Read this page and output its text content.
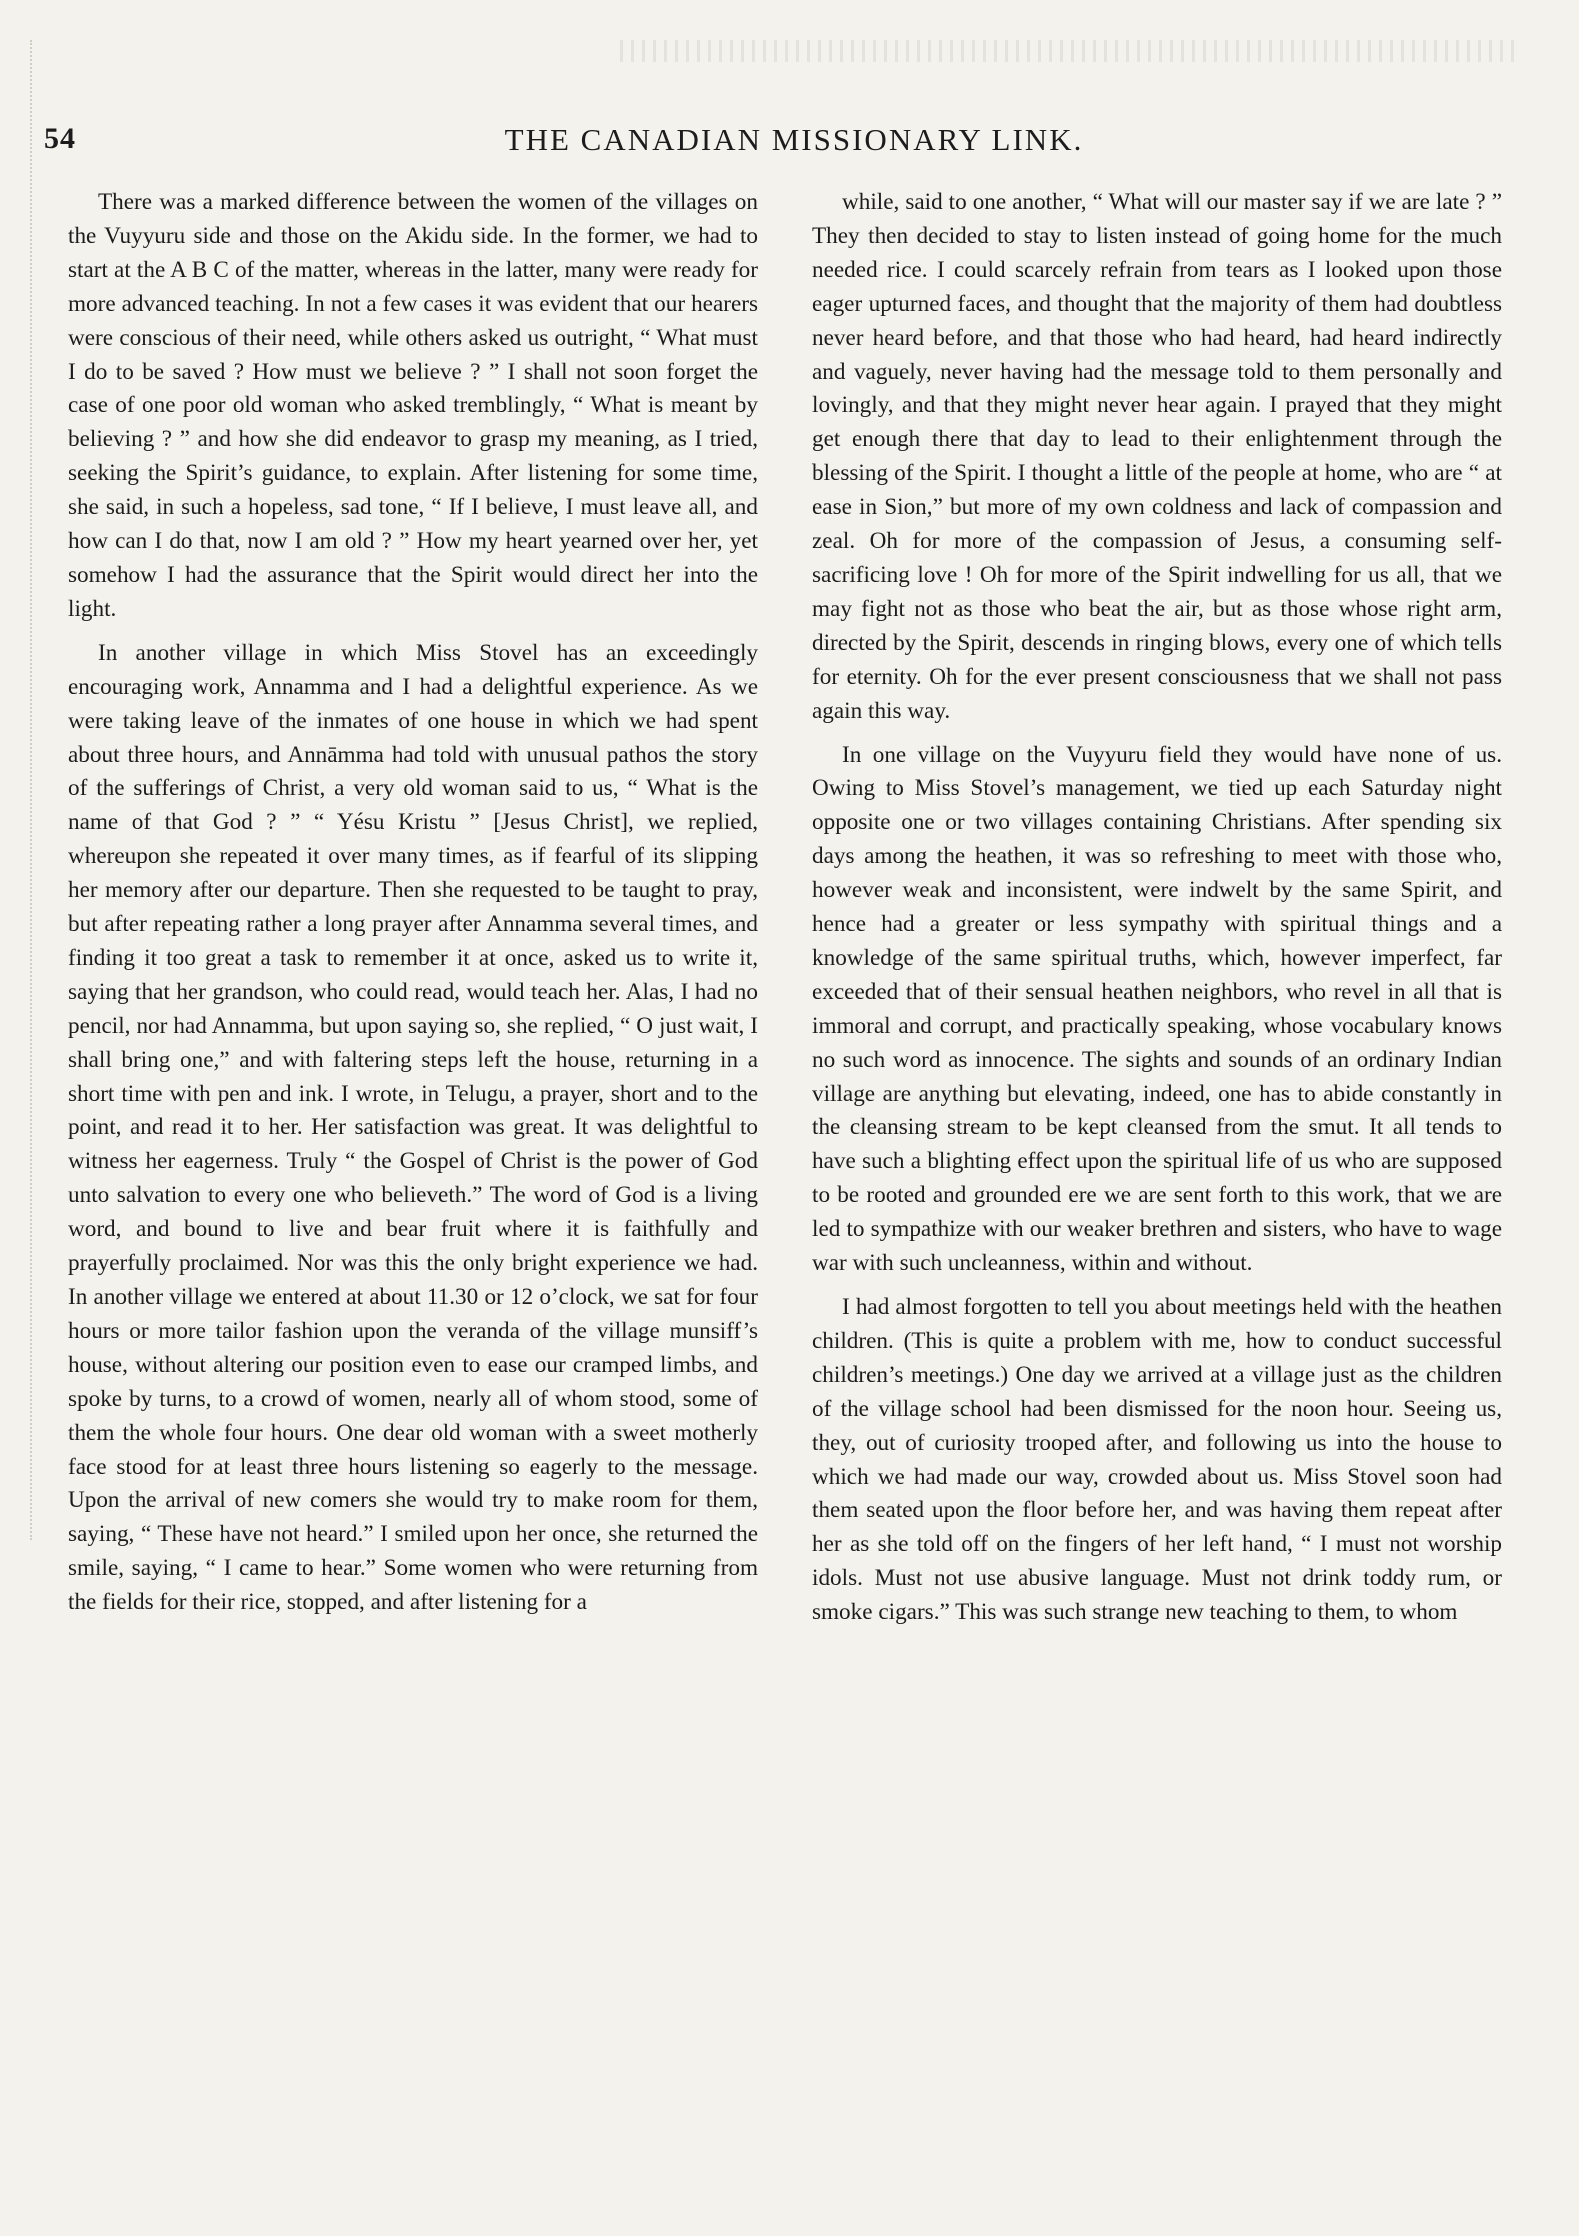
54	THE CANADIAN MISSIONARY LINK.

There was a marked difference between the women of the villages on the Vuyyuru side and those on the Akidu side. In the former, we had to start at the A B C of the matter, whereas in the latter, many were ready for more advanced teaching. In not a few cases it was evident that our hearers were conscious of their need, while others asked us outright, “ What must I do to be saved ? How must we believe ? ” I shall not soon forget the case of one poor old woman who asked tremblingly, “ What is meant by believing ? ” and how she did endeavor to grasp my meaning, as I tried, seeking the Spirit’s guidance, to explain. After listening for some time, she said, in such a hopeless, sad tone, “ If I believe, I must leave all, and how can I do that, now I am old ? ” How my heart yearned over her, yet somehow I had the assurance that the Spirit would direct her into the light.

In another village in which Miss Stovel has an exceedingly encouraging work, Annamma and I had a delightful experience. As we were taking leave of the inmates of one house in which we had spent about three hours, and Annāmma had told with unusual pathos the story of the sufferings of Christ, a very old woman said to us, “ What is the name of that God ? ” “ Yésu Kristu ” [Jesus Christ], we replied, whereupon she repeated it over many times, as if fearful of its slipping her memory after our departure. Then she requested to be taught to pray, but after repeating rather a long prayer after Annamma several times, and finding it too great a task to remember it at once, asked us to write it, saying that her grandson, who could read, would teach her. Alas, I had no pencil, nor had Annamma, but upon saying so, she replied, “ O just wait, I shall bring one,” and with faltering steps left the house, returning in a short time with pen and ink. I wrote, in Telugu, a prayer, short and to the point, and read it to her. Her satisfaction was great. It was delightful to witness her eagerness. Truly “ the Gospel of Christ is the power of God unto salvation to every one who believeth.” The word of God is a living word, and bound to live and bear fruit where it is faithfully and prayerfully proclaimed. Nor was this the only bright experience we had. In another village we entered at about 11.30 or 12 o’clock, we sat for four hours or more tailor fashion upon the veranda of the village munsiff’s house, without altering our position even to ease our cramped limbs, and spoke by turns, to a crowd of women, nearly all of whom stood, some of them the whole four hours. One dear old woman with a sweet motherly face stood for at least three hours listening so eagerly to the message. Upon the arrival of new comers she would try to make room for them, saying, “ These have not heard.” I smiled upon her once, she returned the smile, saying, “ I came to hear.” Some women who were returning from the fields for their rice, stopped, and after listening for a

while, said to one another, “ What will our master say if we are late ? ” They then decided to stay to listen instead of going home for the much needed rice. I could scarcely refrain from tears as I looked upon those eager upturned faces, and thought that the majority of them had doubtless never heard before, and that those who had heard, had heard indirectly and vaguely, never having had the message told to them personally and lovingly, and that they might never hear again. I prayed that they might get enough there that day to lead to their enlightenment through the blessing of the Spirit. I thought a little of the people at home, who are “ at ease in Sion,” but more of my own coldness and lack of compassion and zeal. Oh for more of the compassion of Jesus, a consuming self-sacrificing love ! Oh for more of the Spirit indwelling for us all, that we may fight not as those who beat the air, but as those whose right arm, directed by the Spirit, descends in ringing blows, every one of which tells for eternity. Oh for the ever present consciousness that we shall not pass again this way.

In one village on the Vuyyuru field they would have none of us. Owing to Miss Stovel’s management, we tied up each Saturday night opposite one or two villages containing Christians. After spending six days among the heathen, it was so refreshing to meet with those who, however weak and inconsistent, were indwelt by the same Spirit, and hence had a greater or less sympathy with spiritual things and a knowledge of the same spiritual truths, which, however imperfect, far exceeded that of their sensual heathen neighbors, who revel in all that is immoral and corrupt, and practically speaking, whose vocabulary knows no such word as innocence. The sights and sounds of an ordinary Indian village are anything but elevating, indeed, one has to abide constantly in the cleansing stream to be kept cleansed from the smut. It all tends to have such a blighting effect upon the spiritual life of us who are supposed to be rooted and grounded ere we are sent forth to this work, that we are led to sympathize with our weaker brethren and sisters, who have to wage war with such uncleanness, within and without.

I had almost forgotten to tell you about meetings held with the heathen children. (This is quite a problem with me, how to conduct successful children’s meetings.) One day we arrived at a village just as the children of the village school had been dismissed for the noon hour. Seeing us, they, out of curiosity trooped after, and following us into the house to which we had made our way, crowded about us. Miss Stovel soon had them seated upon the floor before her, and was having them repeat after her as she told off on the fingers of her left hand, “ I must not worship idols. Must not use abusive language. Must not drink toddy rum, or smoke cigars.” This was such strange new teaching to them, to whom
